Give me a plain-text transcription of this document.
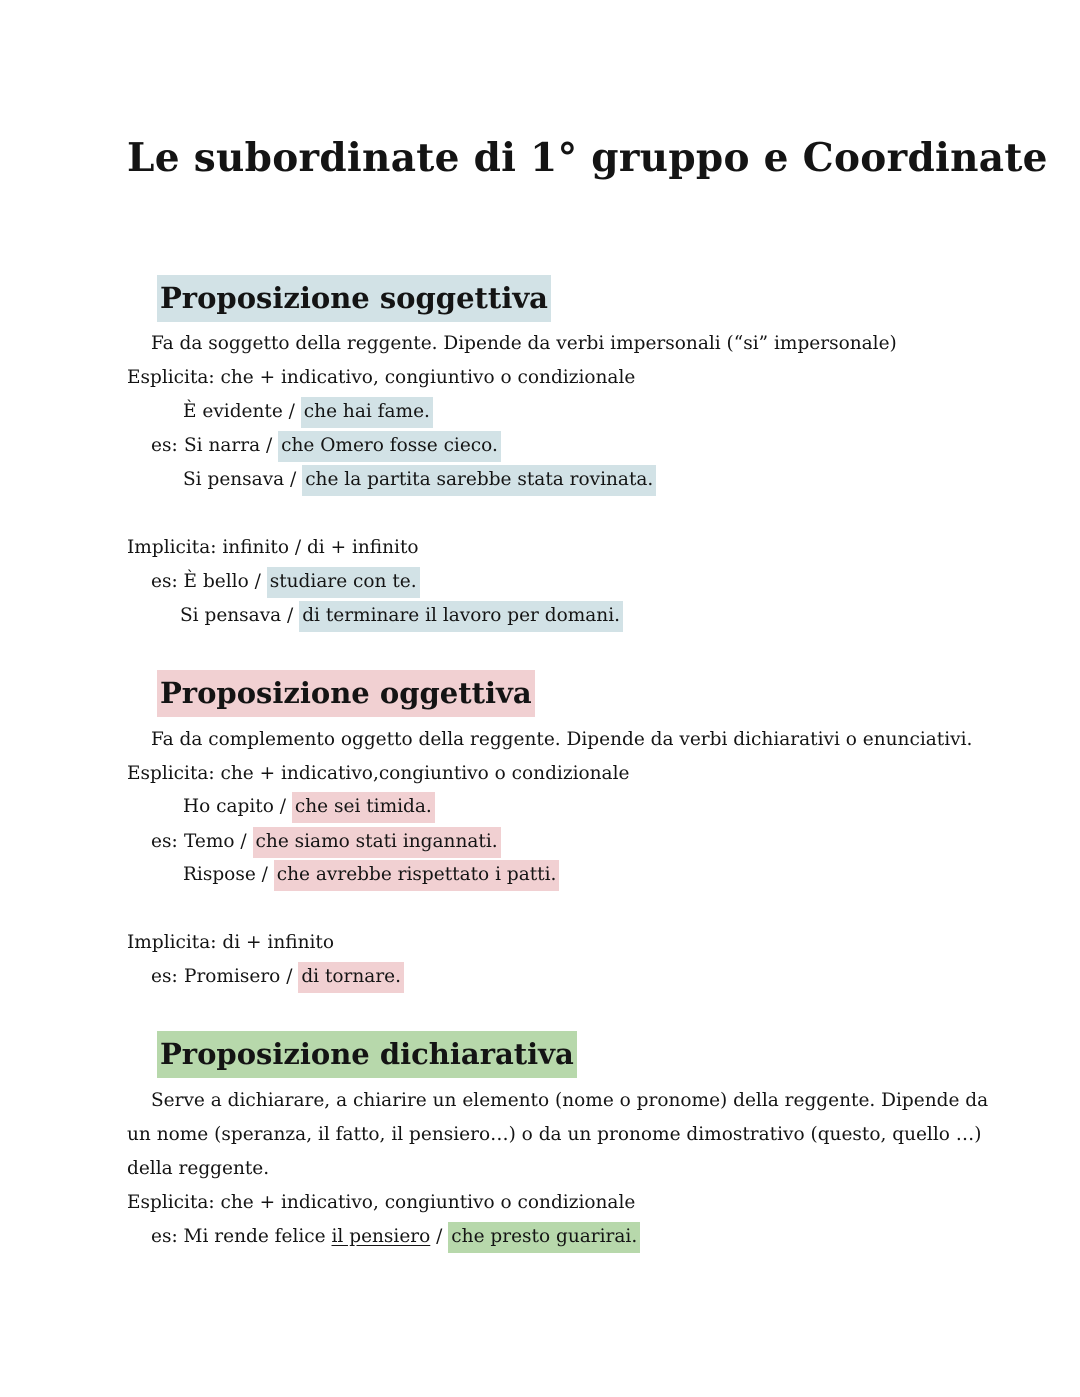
Le subordinate di 1° gruppo e Coordinate
Proposizione soggettiva
Fa da soggetto della reggente. Dipende da verbi impersonali (“si” impersonale)
Esplicita: che + indicativo, congiuntivo o condizionale
È evidente / che hai fame.
es: Si narra / che Omero fosse cieco.
Si pensava / che la partita sarebbe stata rovinata.
Implicita: infinito / di + infinito
es: È bello / studiare con te.
Si pensava / di terminare il lavoro per domani.
Proposizione oggettiva
Fa da complemento oggetto della reggente. Dipende da verbi dichiarativi o enunciativi.
Esplicita: che + indicativo,congiuntivo o condizionale
Ho capito / che sei timida.
es: Temo / che siamo stati ingannati.
Rispose / che avrebbe rispettato i patti.
Implicita: di + infinito
es: Promisero / di tornare.
Proposizione dichiarativa
Serve a dichiarare, a chiarire un elemento (nome o pronome) della reggente. Dipende da
un nome (speranza, il fatto, il pensiero…) o da un pronome dimostrativo (questo, quello …)
della reggente.
Esplicita: che + indicativo, congiuntivo o condizionale
es: Mi rende felice il pensiero / che presto guarirai.
